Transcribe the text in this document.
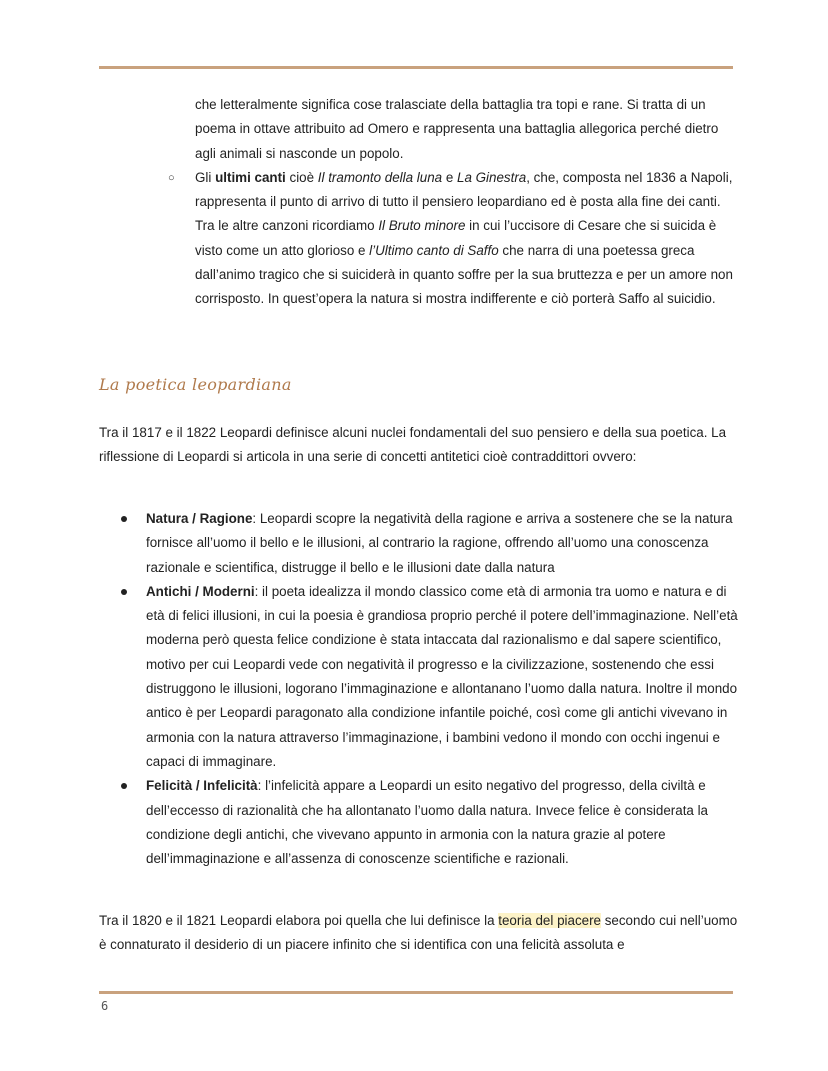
che letteralmente significa cose tralasciate della battaglia tra topi e rane. Si tratta di un poema in ottave attribuito ad Omero e rappresenta una battaglia allegorica perché dietro agli animali si nasconde un popolo.
○ Gli ultimi canti cioè Il tramonto della luna e La Ginestra, che, composta nel 1836 a Napoli, rappresenta il punto di arrivo di tutto il pensiero leopardiano ed è posta alla fine dei canti. Tra le altre canzoni ricordiamo Il Bruto minore in cui l’uccisore di Cesare che si suicida è visto come un atto glorioso e l’Ultimo canto di Saffo che narra di una poetessa greca dall’animo tragico che si suiciderà in quanto soffre per la sua bruttezza e per un amore non corrisposto. In quest’opera la natura si mostra indifferente e ciò porterà Saffo al suicidio.
La poetica leopardiana

Tra il 1817 e il 1822 Leopardi definisce alcuni nuclei fondamentali del suo pensiero e della sua poetica. La riflessione di Leopardi si articola in una serie di concetti antitetici cioè contraddittori ovvero:

Natura / Ragione: Leopardi scopre la negatività della ragione e arriva a sostenere che se la natura fornisce all’uomo il bello e le illusioni, al contrario la ragione, offrendo all’uomo una conoscenza razionale e scientifica, distrugge il bello e le illusioni date dalla natura
Antichi / Moderni: il poeta idealizza il mondo classico come età di armonia tra uomo e natura e di età di felici illusioni, in cui la poesia è grandiosa proprio perché il potere dell’immaginazione. Nell’età moderna però questa felice condizione è stata intaccata dal razionalismo e dal sapere scientifico, motivo per cui Leopardi vede con negatività il progresso e la civilizzazione, sostenendo che essi distruggono le illusioni, logorano l’immaginazione e allontanano l’uomo dalla natura. Inoltre il mondo antico è per Leopardi paragonato alla condizione infantile poiché, così come gli antichi vivevano in armonia con la natura attraverso l’immaginazione, i bambini vedono il mondo con occhi ingenui e capaci di immaginare.
Felicità / Infelicità: l’infelicità appare a Leopardi un esito negativo del progresso, della civiltà e dell’eccesso di razionalità che ha allontanato l’uomo dalla natura. Invece felice è considerata la condizione degli antichi, che vivevano appunto in armonia con la natura grazie al potere dell’immaginazione e all’assenza di conoscenze scientifiche e razionali.

Tra il 1820 e il 1821 Leopardi elabora poi quella che lui definisce la teoria del piacere secondo cui nell’uomo è connaturato il desiderio di un piacere infinito che si identifica con una felicità assoluta e

6
